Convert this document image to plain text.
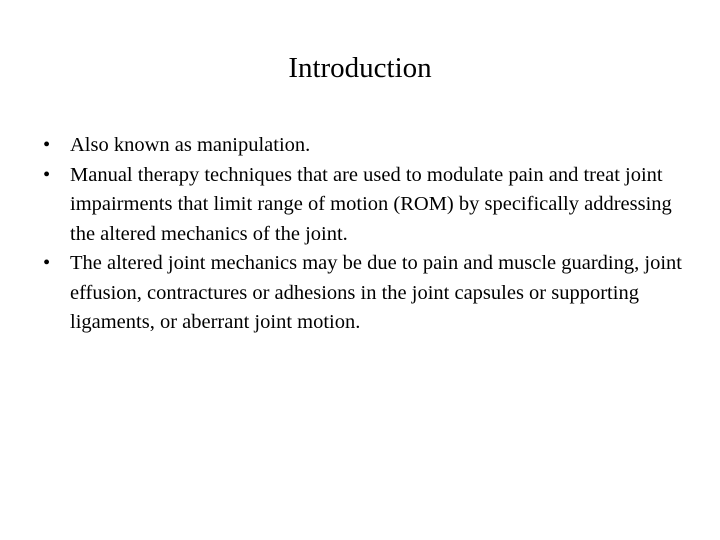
Introduction
• Also known as manipulation.
• Manual therapy techniques that are used to modulate pain and treat joint impairments that limit range of motion (ROM) by specifically addressing the altered mechanics of the joint.
• The altered joint mechanics may be due to pain and muscle guarding, joint effusion, contractures or adhesions in the joint capsules or supporting ligaments, or aberrant joint motion.
